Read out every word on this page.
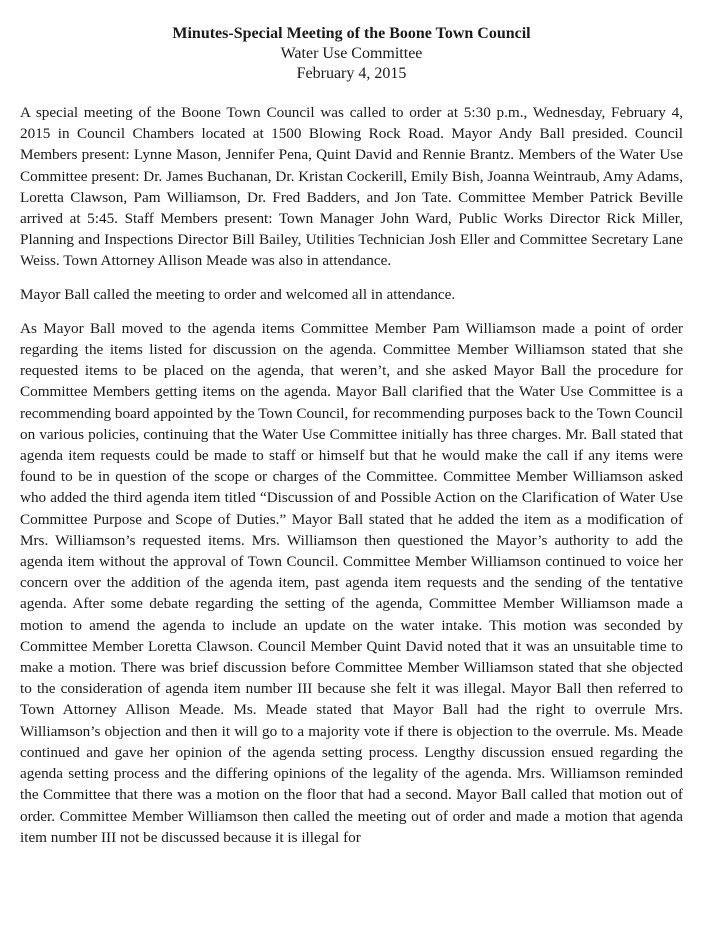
Minutes-Special Meeting of the Boone Town Council
Water Use Committee
February 4, 2015

A special meeting of the Boone Town Council was called to order at 5:30 p.m., Wednesday, February 4, 2015 in Council Chambers located at 1500 Blowing Rock Road. Mayor Andy Ball presided. Council Members present: Lynne Mason, Jennifer Pena, Quint David and Rennie Brantz. Members of the Water Use Committee present: Dr. James Buchanan, Dr. Kristan Cockerill, Emily Bish, Joanna Weintraub, Amy Adams, Loretta Clawson, Pam Williamson, Dr. Fred Badders, and Jon Tate. Committee Member Patrick Beville arrived at 5:45. Staff Members present: Town Manager John Ward, Public Works Director Rick Miller, Planning and Inspections Director Bill Bailey, Utilities Technician Josh Eller and Committee Secretary Lane Weiss. Town Attorney Allison Meade was also in attendance.

Mayor Ball called the meeting to order and welcomed all in attendance.

As Mayor Ball moved to the agenda items Committee Member Pam Williamson made a point of order regarding the items listed for discussion on the agenda. Committee Member Williamson stated that she requested items to be placed on the agenda, that weren’t, and she asked Mayor Ball the procedure for Committee Members getting items on the agenda. Mayor Ball clarified that the Water Use Committee is a recommending board appointed by the Town Council, for recommending purposes back to the Town Council on various policies, continuing that the Water Use Committee initially has three charges. Mr. Ball stated that agenda item requests could be made to staff or himself but that he would make the call if any items were found to be in question of the scope or charges of the Committee. Committee Member Williamson asked who added the third agenda item titled “Discussion of and Possible Action on the Clarification of Water Use Committee Purpose and Scope of Duties.” Mayor Ball stated that he added the item as a modification of Mrs. Williamson’s requested items. Mrs. Williamson then questioned the Mayor’s authority to add the agenda item without the approval of Town Council. Committee Member Williamson continued to voice her concern over the addition of the agenda item, past agenda item requests and the sending of the tentative agenda. After some debate regarding the setting of the agenda, Committee Member Williamson made a motion to amend the agenda to include an update on the water intake. This motion was seconded by Committee Member Loretta Clawson. Council Member Quint David noted that it was an unsuitable time to make a motion. There was brief discussion before Committee Member Williamson stated that she objected to the consideration of agenda item number III because she felt it was illegal. Mayor Ball then referred to Town Attorney Allison Meade. Ms. Meade stated that Mayor Ball had the right to overrule Mrs. Williamson’s objection and then it will go to a majority vote if there is objection to the overrule. Ms. Meade continued and gave her opinion of the agenda setting process. Lengthy discussion ensued regarding the agenda setting process and the differing opinions of the legality of the agenda. Mrs. Williamson reminded the Committee that there was a motion on the floor that had a second. Mayor Ball called that motion out of order. Committee Member Williamson then called the meeting out of order and made a motion that agenda item number III not be discussed because it is illegal for
